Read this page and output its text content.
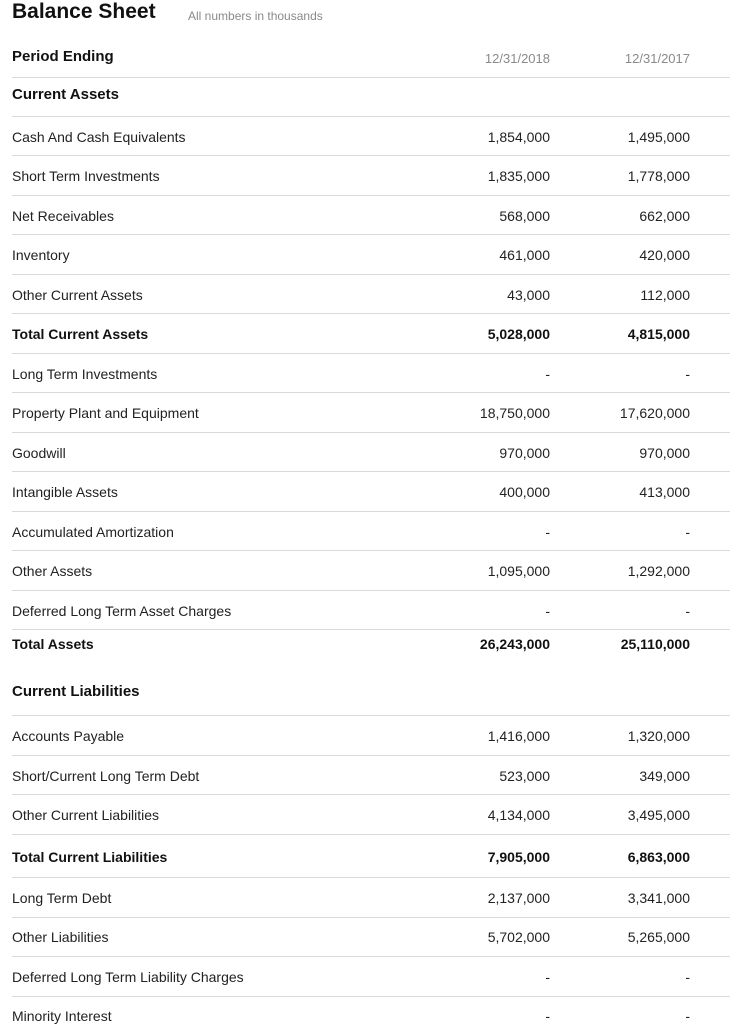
Balance Sheet	All numbers in thousands
Period Ending	12/31/2018	12/31/2017
Current Assets
Cash And Cash Equivalents	1,854,000	1,495,000
Short Term Investments	1,835,000	1,778,000
Net Receivables	568,000	662,000
Inventory	461,000	420,000
Other Current Assets	43,000	112,000
Total Current Assets	5,028,000	4,815,000
Long Term Investments	-	-
Property Plant and Equipment	18,750,000	17,620,000
Goodwill	970,000	970,000
Intangible Assets	400,000	413,000
Accumulated Amortization	-	-
Other Assets	1,095,000	1,292,000
Deferred Long Term Asset Charges	-	-
Total Assets	26,243,000	25,110,000
Current Liabilities
Accounts Payable	1,416,000	1,320,000
Short/Current Long Term Debt	523,000	349,000
Other Current Liabilities	4,134,000	3,495,000
Total Current Liabilities	7,905,000	6,863,000
Long Term Debt	2,137,000	3,341,000
Other Liabilities	5,702,000	5,265,000
Deferred Long Term Liability Charges	-	-
Minority Interest	-	-
